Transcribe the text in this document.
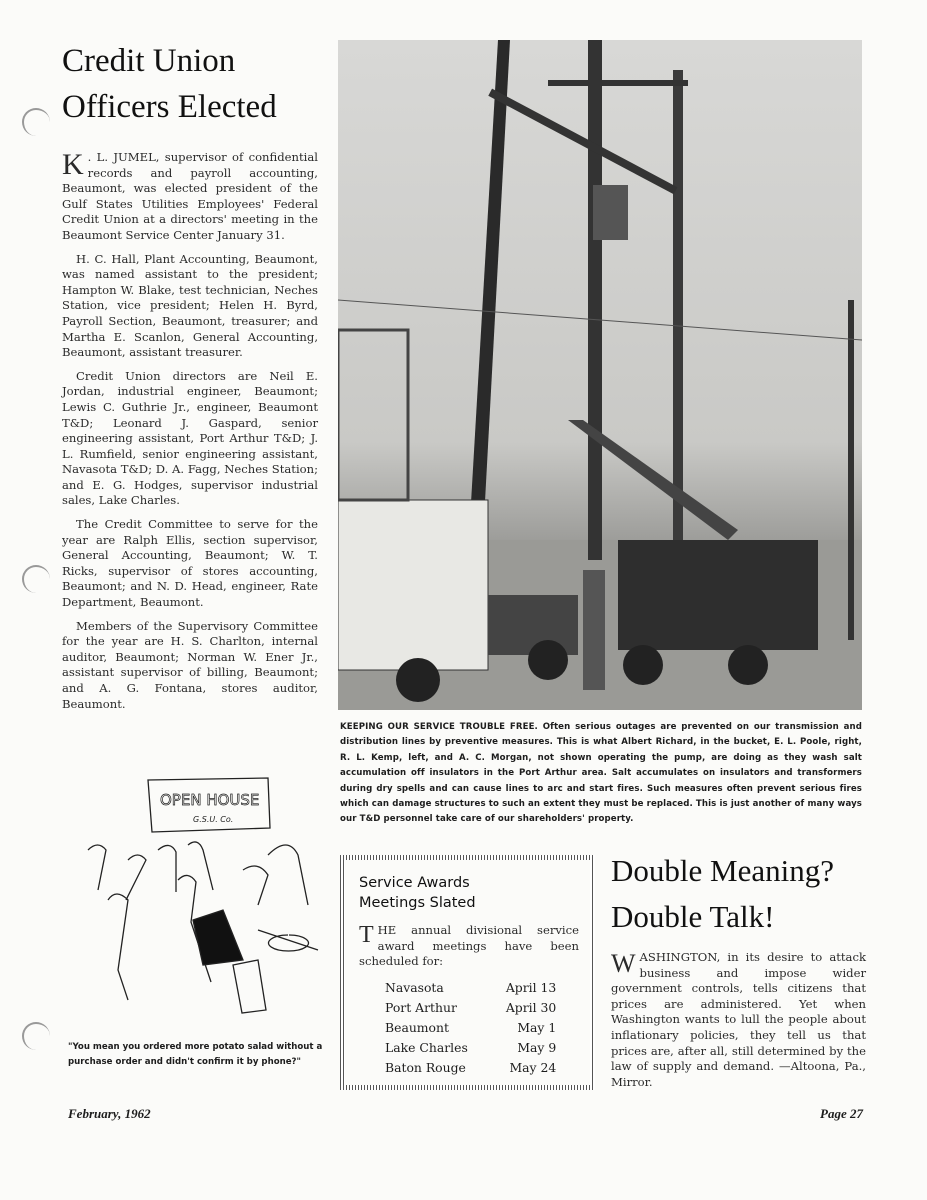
Credit Union
Officers Elected

K . L. JUMEL, supervisor of confidential records and payroll accounting, Beaumont, was elected president of the Gulf States Utilities Employees' Federal Credit Union at a directors' meeting in the Beaumont Service Center January 31.

H. C. Hall, Plant Accounting, Beaumont, was named assistant to the president; Hampton W. Blake, test technician, Neches Station, vice president; Helen H. Byrd, Payroll Section, Beaumont, treasurer; and Martha E. Scanlon, General Accounting, Beaumont, assistant treasurer.

Credit Union directors are Neil E. Jordan, industrial engineer, Beaumont; Lewis C. Guthrie Jr., engineer, Beaumont T&D; Leonard J. Gaspard, senior engineering assistant, Port Arthur T&D; J. L. Rumfield, senior engineering assistant, Navasota T&D; D. A. Fagg, Neches Station; and E. G. Hodges, supervisor industrial sales, Lake Charles.

The Credit Committee to serve for the year are Ralph Ellis, section supervisor, General Accounting, Beaumont; W. T. Ricks, supervisor of stores accounting, Beaumont; and N. D. Head, engineer, Rate Department, Beaumont.

Members of the Supervisory Committee for the year are H. S. Charlton, internal auditor, Beaumont; Norman W. Ener Jr., assistant supervisor of billing, Beaumont; and A. G. Fontana, stores auditor, Beaumont.

KEEPING OUR SERVICE TROUBLE FREE. Often serious outages are prevented on our transmission and distribution lines by preventive measures. This is what Albert Richard, in the bucket, E. L. Poole, right, R. L. Kemp, left, and A. C. Morgan, not shown operating the pump, are doing as they wash salt accumulation off insulators in the Port Arthur area. Salt accumulates on insulators and transformers during dry spells and can cause lines to arc and start fires. Such measures often prevent serious fires which can damage structures to such an extent they must be replaced. This is just another of many ways our T&D personnel take care of our shareholders' property.
OPEN HOUSE
G.S.U. Co.
"You mean you ordered more potato salad without a purchase order and didn't confirm it by phone?"
Service Awards
Meetings Slated
THE annual divisional service award meetings have been scheduled for:
Navasota	April 13
Port Arthur	April 30
Beaumont	May 1
Lake Charles	May 9
Baton Rouge	May 24
Double Meaning?
Double Talk!
WASHINGTON, in its desire to attack business and impose wider government controls, tells citizens that prices are administered. Yet when Washington wants to lull the people about inflationary policies, they tell us that prices are, after all, still determined by the law of supply and demand. —Altoona, Pa., Mirror.
February, 1962	Page 27
